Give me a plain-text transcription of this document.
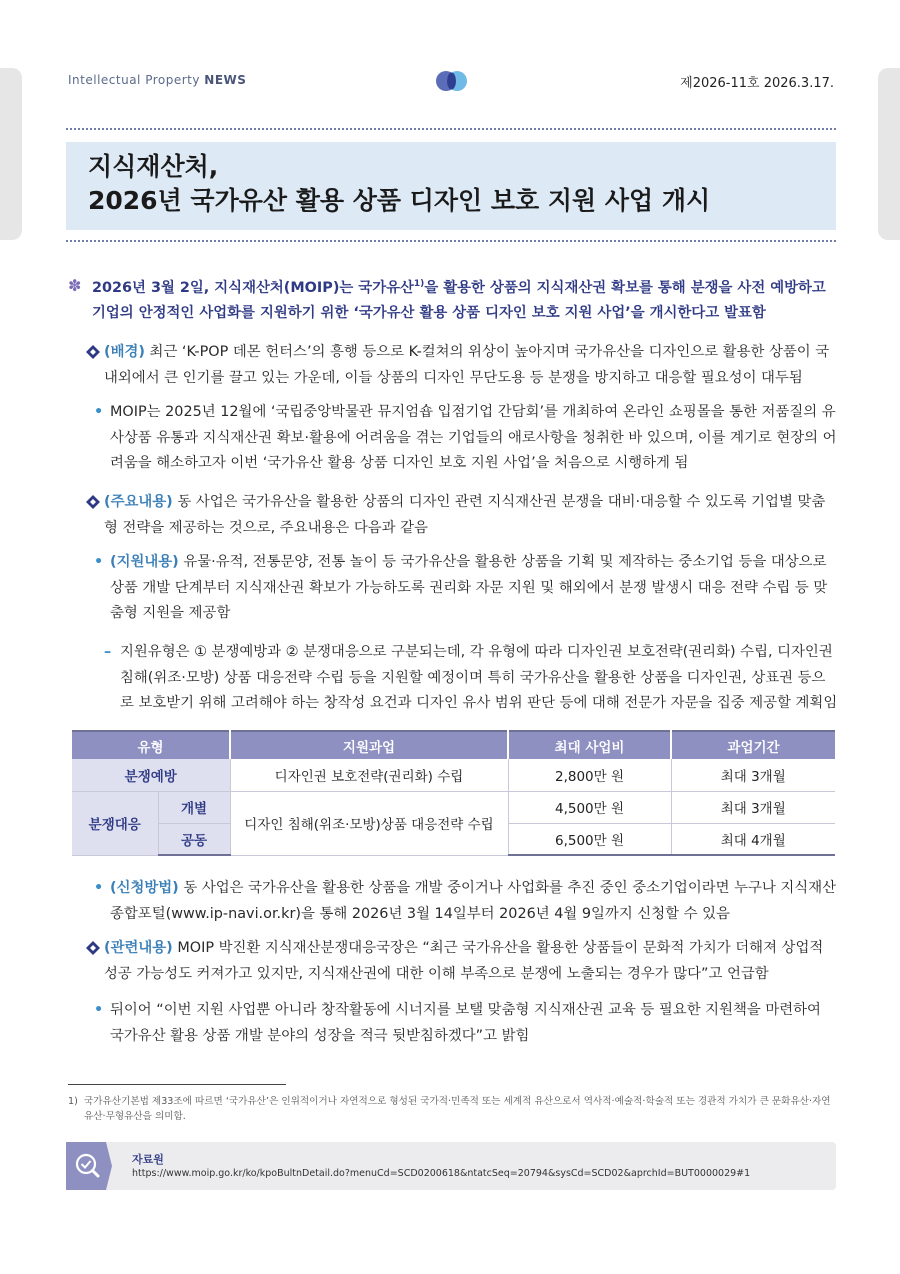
Intellectual Property NEWS	제2026-11호 2026.3.17.
지식재산처,
2026년 국가유산 활용 상품 디자인 보호 지원 사업 개시
✽ 2026년 3월 2일, 지식재산처(MOIP)는 국가유산$^{1)}$을 활용한 상품의 지식재산권 확보를 통해 분쟁을 사전 예방하고 기업의 안정적인 사업화를 지원하기 위한 ‘국가유산 활용 상품 디자인 보호 지원 사업’을 개시한다고 발표함
(배경) 최근 ‘K-POP 데몬 헌터스’의 흥행 등으로 K-컬쳐의 위상이 높아지며 국가유산을 디자인으로 활용한 상품이 국내외에서 큰 인기를 끌고 있는 가운데, 이들 상품의 디자인 무단도용 등 분쟁을 방지하고 대응할 필요성이 대두됨
• MOIP는 2025년 12월에 ‘국립중앙박물관 뮤지엄숍 입점기업 간담회’를 개최하여 온라인 쇼핑몰을 통한 저품질의 유사상품 유통과 지식재산권 확보·활용에 어려움을 겪는 기업들의 애로사항을 청취한 바 있으며, 이를 계기로 현장의 어려움을 해소하고자 이번 ‘국가유산 활용 상품 디자인 보호 지원 사업’을 처음으로 시행하게 됨
(주요내용) 동 사업은 국가유산을 활용한 상품의 디자인 관련 지식재산권 분쟁을 대비·대응할 수 있도록 기업별 맞춤형 전략을 제공하는 것으로, 주요내용은 다음과 같음
• (지원내용) 유물·유적, 전통문양, 전통 놀이 등 국가유산을 활용한 상품을 기획 및 제작하는 중소기업 등을 대상으로 상품 개발 단계부터 지식재산권 확보가 가능하도록 권리화 자문 지원 및 해외에서 분쟁 발생시 대응 전략 수립 등 맞춤형 지원을 제공함
– 지원유형은 ① 분쟁예방과 ② 분쟁대응으로 구분되는데, 각 유형에 따라 디자인권 보호전략(권리화) 수립, 디자인권 침해(위조·모방) 상품 대응전략 수립 등을 지원할 예정이며 특히 국가유산을 활용한 상품을 디자인권, 상표권 등으로 보호받기 위해 고려해야 하는 창작성 요건과 디자인 유사 범위 판단 등에 대해 전문가 자문을 집중 제공할 계획임
유형		지원과업	최대 사업비	과업기간
분쟁예방		디자인권 보호전략(권리화) 수립	2,800만 원	최대 3개월
분쟁대응	개별	디자인 침해(위조·모방)상품 대응전략 수립	4,500만 원	최대 3개월
	공동		6,500만 원	최대 4개월
• (신청방법) 동 사업은 국가유산을 활용한 상품을 개발 중이거나 사업화를 추진 중인 중소기업이라면 누구나 지식재산종합포털(www.ip-navi.or.kr)을 통해 2026년 3월 14일부터 2026년 4월 9일까지 신청할 수 있음
(관련내용) MOIP 박진환 지식재산분쟁대응국장은 “최근 국가유산을 활용한 상품들이 문화적 가치가 더해져 상업적 성공 가능성도 커져가고 있지만, 지식재산권에 대한 이해 부족으로 분쟁에 노출되는 경우가 많다”고 언급함
• 뒤이어 “이번 지원 사업뿐 아니라 창작활동에 시너지를 보탤 맞춤형 지식재산권 교육 등 필요한 지원책을 마련하여 국가유산 활용 상품 개발 분야의 성장을 적극 뒷받침하겠다”고 밝힘
1) 국가유산기본법 제33조에 따르면 ‘국가유산’은 인위적이거나 자연적으로 형성된 국가적·민족적 또는 세계적 유산으로서 역사적·예술적·학술적 또는 경관적 가치가 큰 문화유산·자연유산·무형유산을 의미함.
자료원
https://www.moip.go.kr/ko/kpoBultnDetail.do?menuCd=SCD0200618&ntatcSeq=20794&sysCd=SCD02&aprchId=BUT0000029#1
